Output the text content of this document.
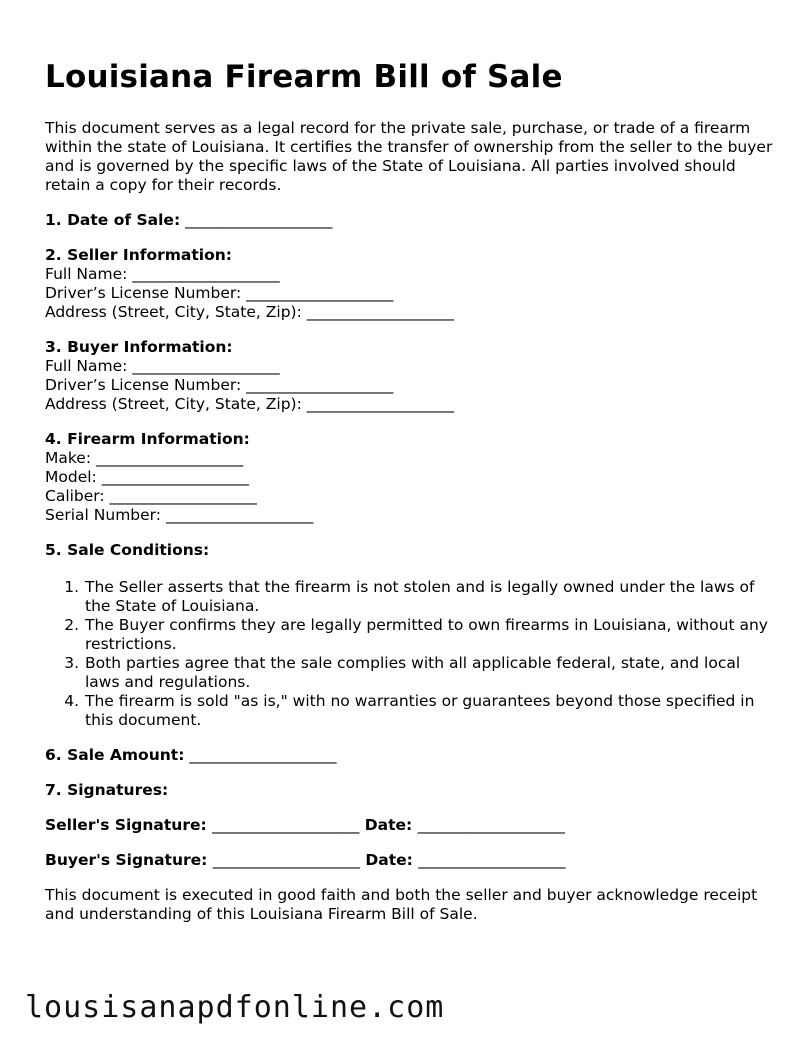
Louisiana Firearm Bill of Sale

This document serves as a legal record for the private sale, purchase, or trade of a firearm within the state of Louisiana. It certifies the transfer of ownership from the seller to the buyer and is governed by the specific laws of the State of Louisiana. All parties involved should retain a copy for their records.

1. Date of Sale: ___________________
2. Seller Information:
Full Name: ___________________
Driver’s License Number: ___________________
Address (Street, City, State, Zip): ___________________
3. Buyer Information:
Full Name: ___________________
Driver’s License Number: ___________________
Address (Street, City, State, Zip): ___________________
4. Firearm Information:
Make: ___________________
Model: ___________________
Caliber: ___________________
Serial Number: ___________________
5. Sale Conditions:
1. The Seller asserts that the firearm is not stolen and is legally owned under the laws of the State of Louisiana.
2. The Buyer confirms they are legally permitted to own firearms in Louisiana, without any restrictions.
3. Both parties agree that the sale complies with all applicable federal, state, and local laws and regulations.
4. The firearm is sold "as is," with no warranties or guarantees beyond those specified in this document.
6. Sale Amount: ___________________
7. Signatures:
Seller's Signature: ___________________ Date: ___________________
Buyer's Signature: ___________________ Date: ___________________

This document is executed in good faith and both the seller and buyer acknowledge receipt and understanding of this Louisiana Firearm Bill of Sale.

lousisanapdfonline.com
